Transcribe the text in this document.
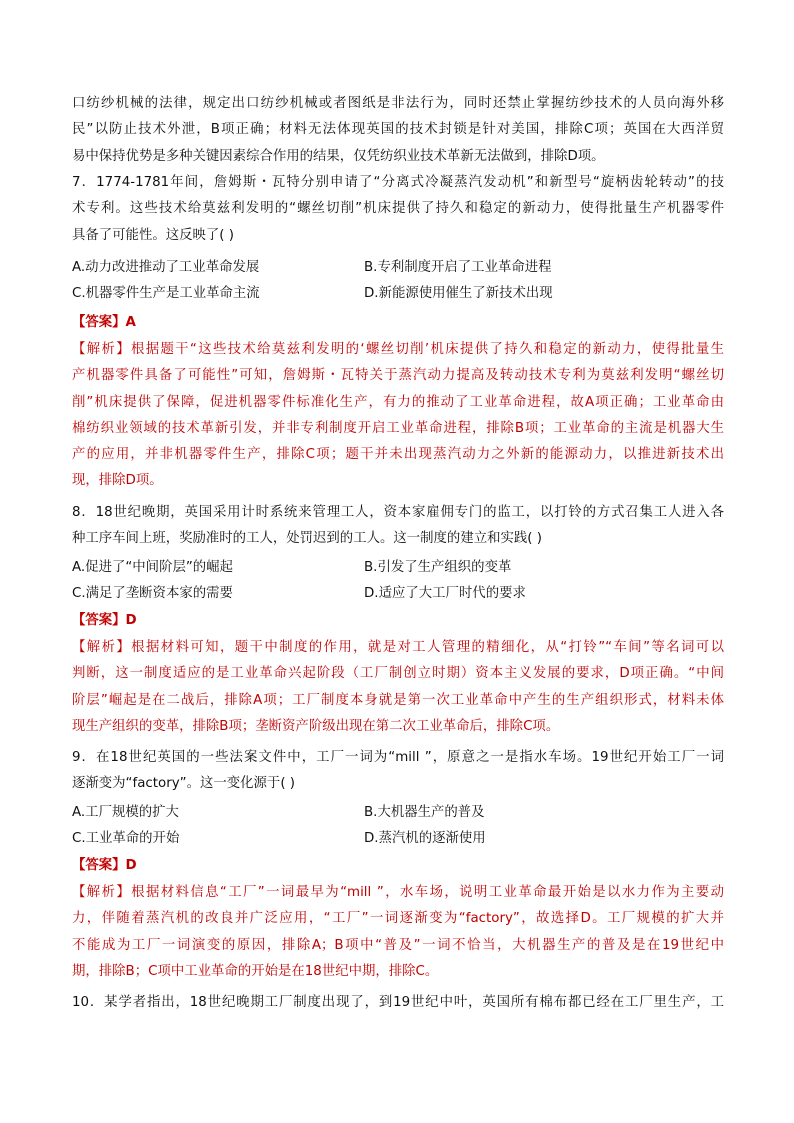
口纺纱机械的法律，规定出口纺纱机械或者图纸是非法行为，同时还禁止掌握纺纱技术的人员向海外移
民”以防止技术外泄，B项正确；材料无法体现英国的技术封锁是针对美国，排除C项；英国在大西洋贸
易中保持优势是多种关键因素综合作用的结果，仅凭纺织业技术革新无法做到，排除D项。
7．1774-1781年间，詹姆斯・瓦特分别申请了“分离式冷凝蒸汽发动机”和新型号“旋柄齿轮转动”的技
术专利。这些技术给莫兹利发明的“螺丝切削”机床提供了持久和稳定的新动力，使得批量生产机器零件
具备了可能性。这反映了( )
A.动力改进推动了工业革命发展	B.专利制度开启了工业革命进程
C.机器零件生产是工业革命主流	D.新能源使用催生了新技术出现
【答案】A
【解析】根据题干“这些技术给莫兹利发明的‘螺丝切削’机床提供了持久和稳定的新动力，使得批量生
产机器零件具备了可能性”可知，詹姆斯・瓦特关于蒸汽动力提高及转动技术专利为莫兹利发明“螺丝切
削”机床提供了保障，促进机器零件标准化生产，有力的推动了工业革命进程，故A项正确；工业革命由
棉纺织业领域的技术革新引发，并非专利制度开启工业革命进程，排除B项；工业革命的主流是机器大生
产的应用，并非机器零件生产，排除C项；题干并未出现蒸汽动力之外新的能源动力，以推进新技术出
现，排除D项。
8．18世纪晚期，英国采用计时系统来管理工人，资本家雇佣专门的监工，以打铃的方式召集工人进入各
种工序车间上班，奖励准时的工人，处罚迟到的工人。这一制度的建立和实践( )
A.促进了“中间阶层”的崛起	B.引发了生产组织的变革
C.满足了垄断资本家的需要	D.适应了大工厂时代的要求
【答案】D
【解析】根据材料可知，题干中制度的作用，就是对工人管理的精细化，从“打铃”“车间”等名词可以
判断，这一制度适应的是工业革命兴起阶段（工厂制创立时期）资本主义发展的要求，D项正确。“中间
阶层”崛起是在二战后，排除A项；工厂制度本身就是第一次工业革命中产生的生产组织形式，材料未体
现生产组织的变革，排除B项；垄断资产阶级出现在第二次工业革命后，排除C项。
9．在18世纪英国的一些法案文件中，工厂一词为“mill ”，原意之一是指水车场。19世纪开始工厂一词
逐渐变为“factory”。这一变化源于( )
A.工厂规模的扩大	B.大机器生产的普及
C.工业革命的开始	D.蒸汽机的逐渐使用
【答案】D
【解析】根据材料信息“工厂”一词最早为“mill ”，水车场，说明工业革命最开始是以水力作为主要动
力，伴随着蒸汽机的改良并广泛应用，“工厂”一词逐渐变为“factory”，故选择D。工厂规模的扩大并
不能成为工厂一词演变的原因，排除A；B项中“普及”一词不恰当，大机器生产的普及是在19世纪中
期，排除B；C项中工业革命的开始是在18世纪中期，排除C。
10．某学者指出，18世纪晚期工厂制度出现了，到19世纪中叶，英国所有棉布都已经在工厂里生产，工
